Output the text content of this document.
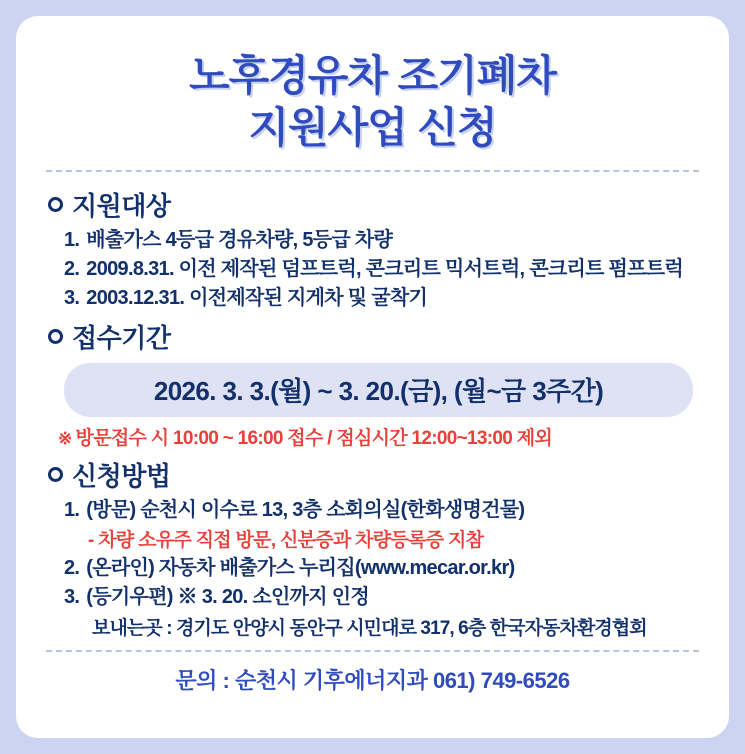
노후경유차 조기폐차
지원사업 신청
지원대상
1. 배출가스 4등급 경유차량, 5등급 차량
2. 2009.8.31. 이전 제작된 덤프트럭, 콘크리트 믹서트럭, 콘크리트 펌프트럭
3. 2003.12.31. 이전제작된 지게차 및 굴착기
접수기간
2026. 3. 3.(월) ~ 3. 20.(금), (월~금 3주간)
※ 방문접수 시 10:00 ~ 16:00 접수 / 점심시간 12:00~13:00 제외
신청방법
1. (방문) 순천시 이수로 13, 3층 소회의실(한화생명건물)
- 차량 소유주 직접 방문, 신분증과 차량등록증 지참
2. (온라인) 자동차 배출가스 누리집(www.mecar.or.kr)
3. (등기우편) ※ 3. 20. 소인까지 인정
보내는곳 : 경기도 안양시 동안구 시민대로 317, 6층 한국자동차환경협회
문의 : 순천시 기후에너지과 061) 749-6526
